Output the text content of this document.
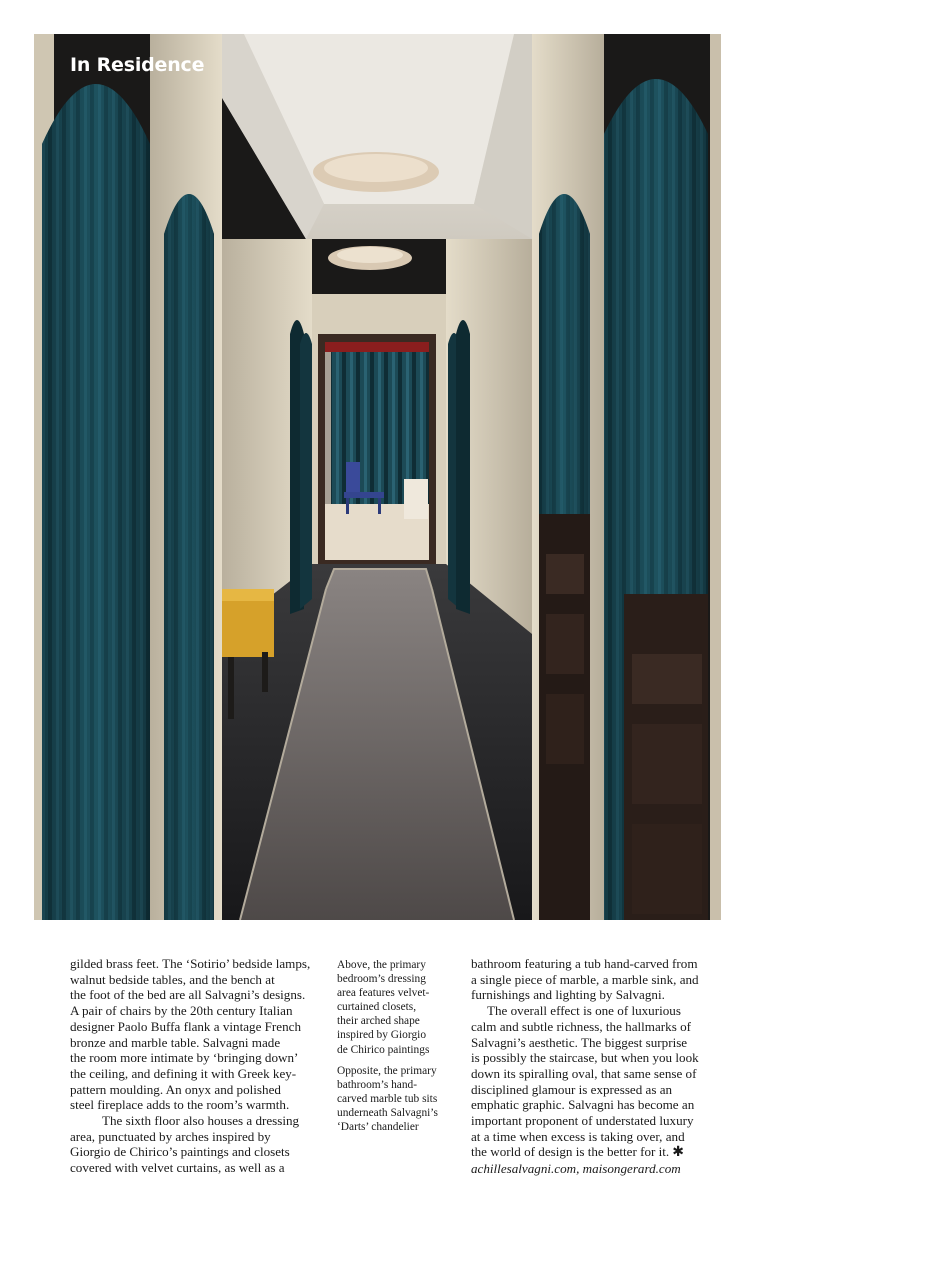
In Residence

gilded brass feet. The ‘Sotirio’ bedside lamps,
walnut bedside tables, and the bench at
the foot of the bed are all Salvagni’s designs.
A pair of chairs by the 20th century Italian
designer Paolo Buffa flank a vintage French
bronze and marble table. Salvagni made
the room more intimate by ‘bringing down’
the ceiling, and defining it with Greek key-
pattern moulding. An onyx and polished
steel fireplace adds to the room’s warmth.

The sixth floor also houses a dressing
area, punctuated by arches inspired by
Giorgio de Chirico’s paintings and closets
covered with velvet curtains, as well as a

Above, the primary
bedroom’s dressing
area features velvet-
curtained closets,
their arched shape
inspired by Giorgio
de Chirico paintings
Opposite, the primary
bathroom’s hand-
carved marble tub sits
underneath Salvagni’s
‘Darts’ chandelier

bathroom featuring a tub hand-carved from
a single piece of marble, a marble sink, and
furnishings and lighting by Salvagni.

The overall effect is one of luxurious
calm and subtle richness, the hallmarks of
Salvagni’s aesthetic. The biggest surprise
is possibly the staircase, but when you look
down its spiralling oval, that same sense of
disciplined glamour is expressed as an
emphatic graphic. Salvagni has become an
important proponent of understated luxury
at a time when excess is taking over, and
the world of design is the better for it. ✱
achillesalvagni.com, maisongerard.com
